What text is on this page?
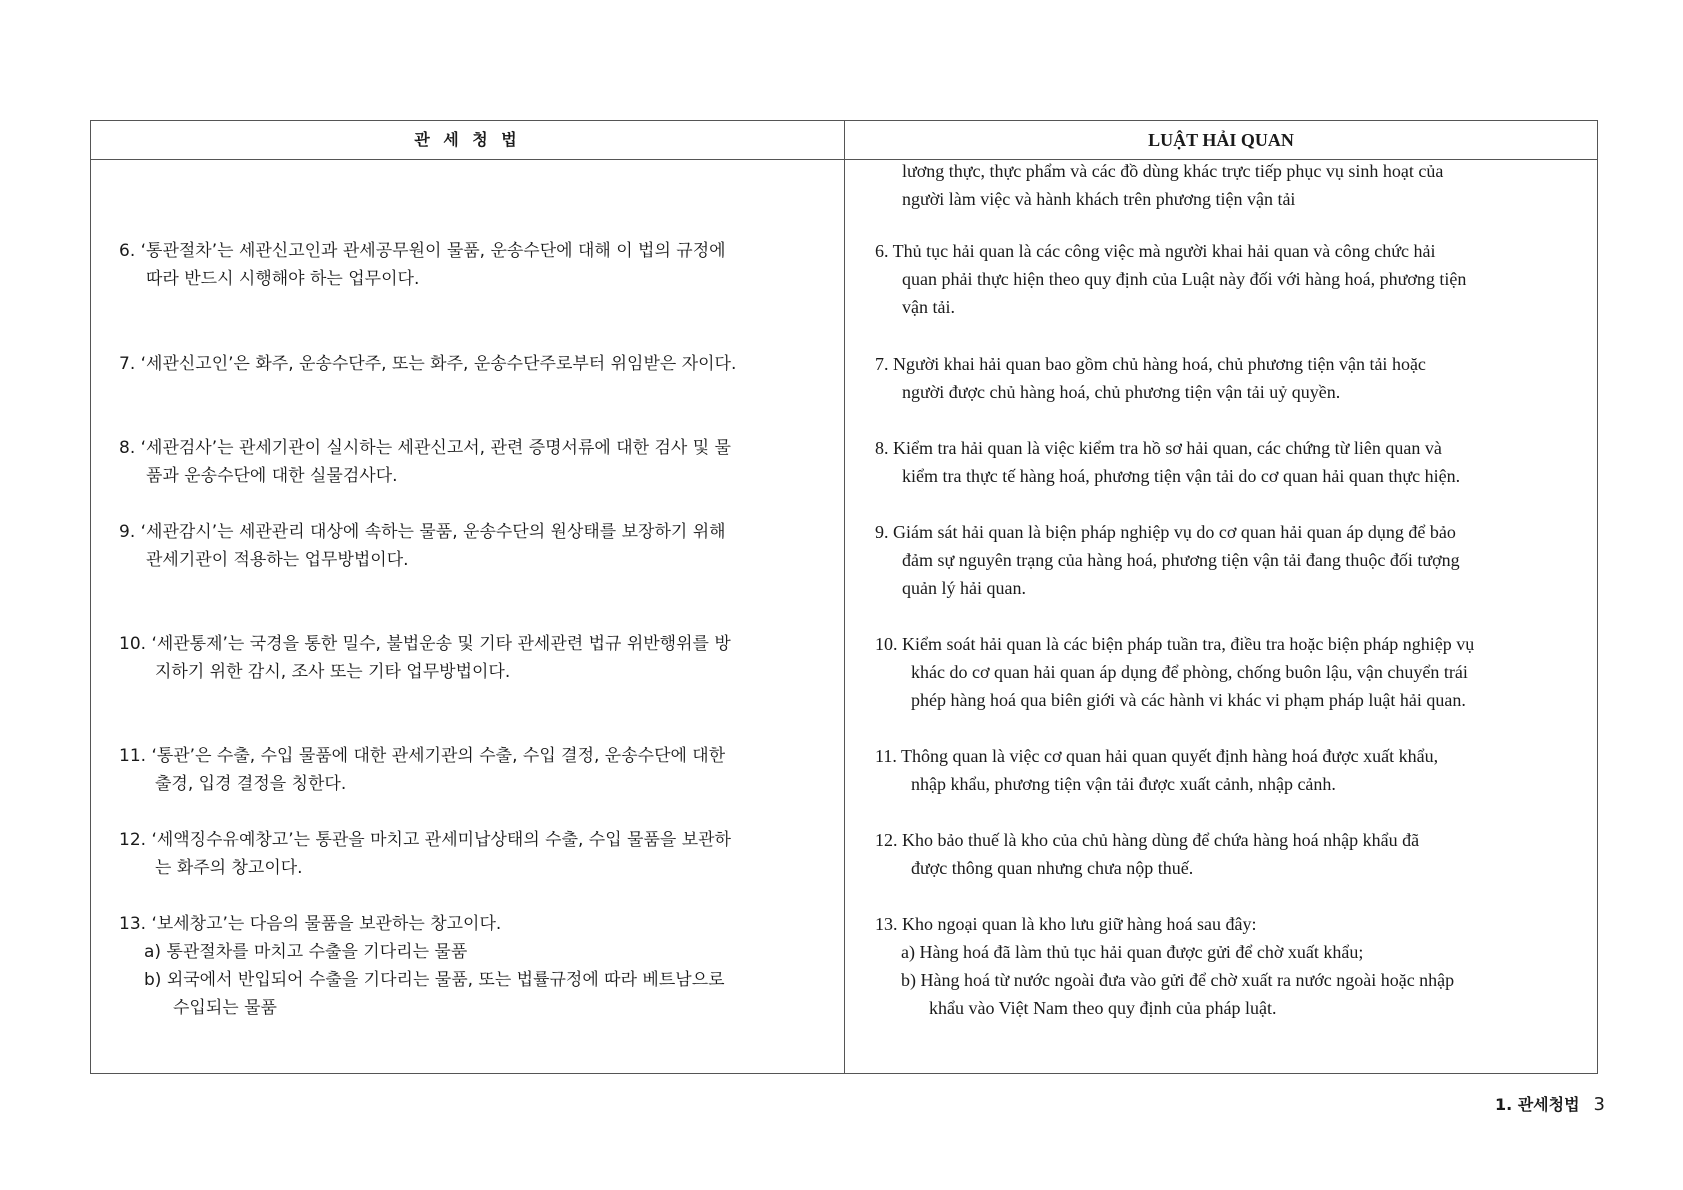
관 세 청 법	LUẬT HẢI QUAN
lương thực, thực phẩm và các đồ dùng khác trực tiếp phục vụ sinh hoạt của
người làm việc và hành khách trên phương tiện vận tải
6. ‘통관절차’는 세관신고인과 관세공무원이 물품, 운송수단에 대해 이 법의 규정에
따라 반드시 시행해야 하는 업무이다.
7. ‘세관신고인’은 화주, 운송수단주, 또는 화주, 운송수단주로부터 위임받은 자이다.
8. ‘세관검사’는 관세기관이 실시하는 세관신고서, 관련 증명서류에 대한 검사 및 물
품과 운송수단에 대한 실물검사다.
9. ‘세관감시’는 세관관리 대상에 속하는 물품, 운송수단의 원상태를 보장하기 위해
관세기관이 적용하는 업무방법이다.
10. ‘세관통제’는 국경을 통한 밀수, 불법운송 및 기타 관세관련 법규 위반행위를 방
지하기 위한 감시, 조사 또는 기타 업무방법이다.
11. ‘통관’은 수출, 수입 물품에 대한 관세기관의 수출, 수입 결정, 운송수단에 대한
출경, 입경 결정을 칭한다.
12. ‘세액징수유예창고’는 통관을 마치고 관세미납상태의 수출, 수입 물품을 보관하
는 화주의 창고이다.
13. ‘보세창고’는 다음의 물품을 보관하는 창고이다.
a) 통관절차를 마치고 수출을 기다리는 물품
b) 외국에서 반입되어 수출을 기다리는 물품, 또는 법률규정에 따라 베트남으로
수입되는 물품
6. Thủ tục hải quan là các công việc mà người khai hải quan và công chức hải
quan phải thực hiện theo quy định của Luật này đối với hàng hoá, phương tiện
vận tải.
7. Người khai hải quan bao gồm chủ hàng hoá, chủ phương tiện vận tải hoặc
người được chủ hàng hoá, chủ phương tiện vận tải uỷ quyền.
8. Kiểm tra hải quan là việc kiểm tra hồ sơ hải quan, các chứng từ liên quan và
kiểm tra thực tế hàng hoá, phương tiện vận tải do cơ quan hải quan thực hiện.
9. Giám sát hải quan là biện pháp nghiệp vụ do cơ quan hải quan áp dụng để bảo
đảm sự nguyên trạng của hàng hoá, phương tiện vận tải đang thuộc đối tượng
quản lý hải quan.
10. Kiểm soát hải quan là các biện pháp tuần tra, điều tra hoặc biện pháp nghiệp vụ
khác do cơ quan hải quan áp dụng để phòng, chống buôn lậu, vận chuyển trái
phép hàng hoá qua biên giới và các hành vi khác vi phạm pháp luật hải quan.
11. Thông quan là việc cơ quan hải quan quyết định hàng hoá được xuất khẩu,
nhập khẩu, phương tiện vận tải được xuất cảnh, nhập cảnh.
12. Kho bảo thuế là kho của chủ hàng dùng để chứa hàng hoá nhập khẩu đã
được thông quan nhưng chưa nộp thuế.
13. Kho ngoại quan là kho lưu giữ hàng hoá sau đây:
a) Hàng hoá đã làm thủ tục hải quan được gửi để chờ xuất khẩu;
b) Hàng hoá từ nước ngoài đưa vào gửi để chờ xuất ra nước ngoài hoặc nhập
khẩu vào Việt Nam theo quy định của pháp luật.
1. 관세청법 3
